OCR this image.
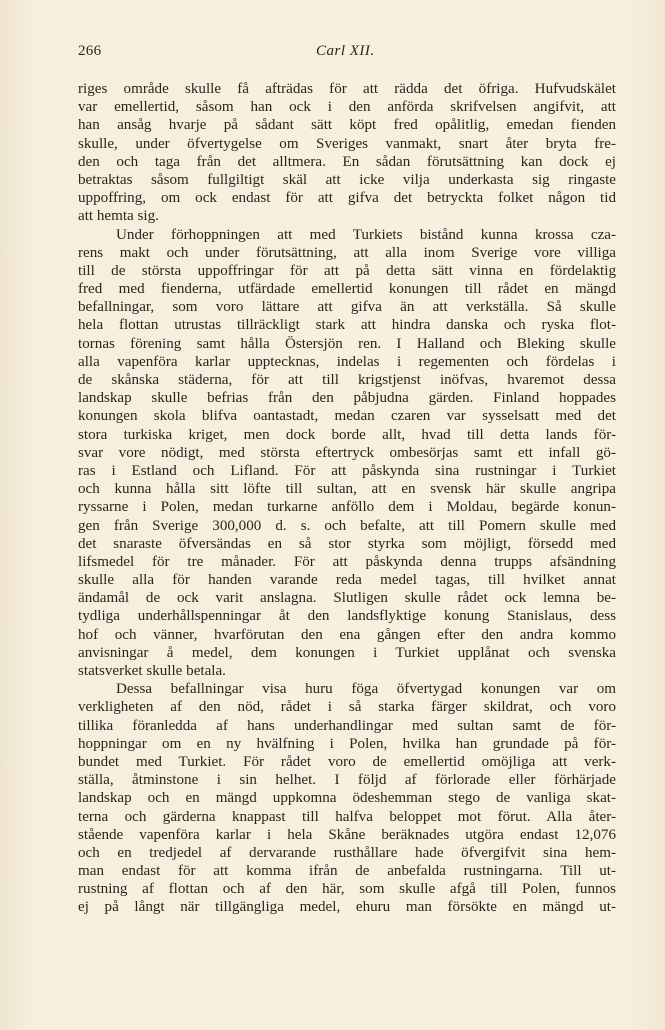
266	Carl XII.
riges område skulle få afträdas för att rädda det öfriga. Hufvudskälet
var emellertid, såsom han ock i den anförda skrifvelsen angifvit, att
han ansåg hvarje på sådant sätt köpt fred opålitlig, emedan fienden
skulle, under öfvertygelse om Sveriges vanmakt, snart åter bryta fre-
den och taga från det alltmera. En sådan förutsättning kan dock ej
betraktas såsom fullgiltigt skäl att icke vilja underkasta sig ringaste
uppoffring, om ock endast för att gifva det betryckta folket någon tid
att hemta sig.
Under förhoppningen att med Turkiets bistånd kunna krossa cza-
rens makt och under förutsättning, att alla inom Sverige vore villiga
till de största uppoffringar för att på detta sätt vinna en fördelaktig
fred med fienderna, utfärdade emellertid konungen till rådet en mängd
befallningar, som voro lättare att gifva än att verkställa. Så skulle
hela flottan utrustas tillräckligt stark att hindra danska och ryska flot-
tornas förening samt hålla Östersjön ren. I Halland och Bleking skulle
alla vapenföra karlar upptecknas, indelas i regementen och fördelas i
de skånska städerna, för att till krigstjenst inöfvas, hvaremot dessa
landskap skulle befrias från den påbjudna gärden. Finland hoppades
konungen skola blifva oantastadt, medan czaren var sysselsatt med det
stora turkiska kriget, men dock borde allt, hvad till detta lands för-
svar vore nödigt, med största eftertryck ombesörjas samt ett infall gö-
ras i Estland och Lifland. För att påskynda sina rustningar i Turkiet
och kunna hålla sitt löfte till sultan, att en svensk här skulle angripa
ryssarne i Polen, medan turkarne anföllo dem i Moldau, begärde konun-
gen från Sverige 300,000 d. s. och befalte, att till Pomern skulle med
det snaraste öfversändas en så stor styrka som möjligt, försedd med
lifsmedel för tre månader. För att påskynda denna trupps afsändning
skulle alla för handen varande reda medel tagas, till hvilket annat
ändamål de ock varit anslagna. Slutligen skulle rådet ock lemna be-
tydliga underhållspenningar åt den landsflyktige konung Stanislaus, dess
hof och vänner, hvarförutan den ena gången efter den andra kommo
anvisningar å medel, dem konungen i Turkiet upplånat och svenska
statsverket skulle betala.
Dessa befallningar visa huru föga öfvertygad konungen var om
verkligheten af den nöd, rådet i så starka färger skildrat, och voro
tillika föranledda af hans underhandlingar med sultan samt de för-
hoppningar om en ny hvälfning i Polen, hvilka han grundade på för-
bundet med Turkiet. För rådet voro de emellertid omöjliga att verk-
ställa, åtminstone i sin helhet. I följd af förlorade eller förhärjade
landskap och en mängd uppkomna ödeshemman stego de vanliga skat-
terna och gärderna knappast till halfva beloppet mot förut. Alla åter-
stående vapenföra karlar i hela Skåne beräknades utgöra endast 12,076
och en tredjedel af dervarande rusthållare hade öfvergifvit sina hem-
man endast för att komma ifrån de anbefalda rustningarna. Till ut-
rustning af flottan och af den här, som skulle afgå till Polen, funnos
ej på långt när tillgängliga medel, ehuru man försökte en mängd ut-
